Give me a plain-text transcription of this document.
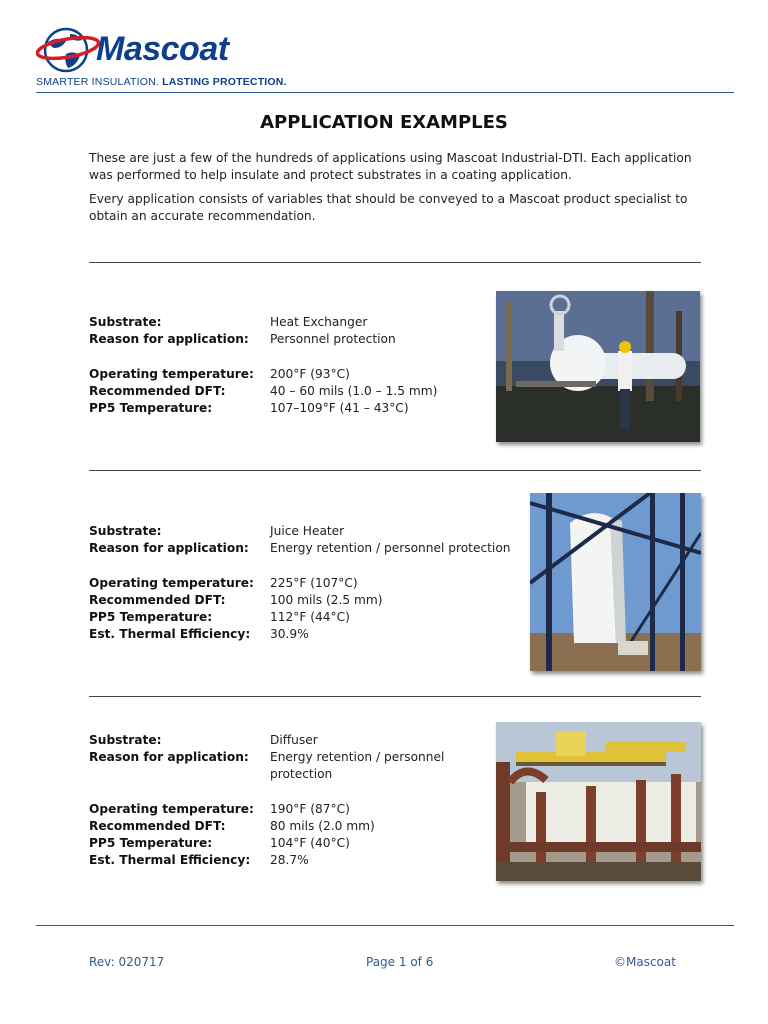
Mascoat
SMARTER INSULATION. LASTING PROTECTION.
APPLICATION EXAMPLES

These are just a few of the hundreds of applications using Mascoat Industrial-DTI. Each application was performed to help insulate and protect substrates in a coating application.

Every application consists of variables that should be conveyed to a Mascoat product specialist to obtain an accurate recommendation.

Substrate:	Heat Exchanger
Reason for application: Personnel protection
Operating temperature: 200°F (93°C)
Recommended DFT:	40 – 60 mils (1.0 – 1.5 mm)
PP5 Temperature:	107–109°F (41 – 43°C)
Substrate:	Juice Heater
Reason for application: Energy retention / personnel protection
Operating temperature: 225°F (107°C)
Recommended DFT:	100 mils (2.5 mm)
PP5 Temperature:	112°F (44°C)
Est. Thermal Efficiency: 30.9%
Substrate:	Diffuser
Reason for application: Energy retention / personnel protection
Operating temperature: 190°F (87°C)
Recommended DFT:	80 mils (2.0 mm)
PP5 Temperature:	104°F (40°C)
Est. Thermal Efficiency: 28.7%
Rev: 020717	Page 1 of 6	©Mascoat
